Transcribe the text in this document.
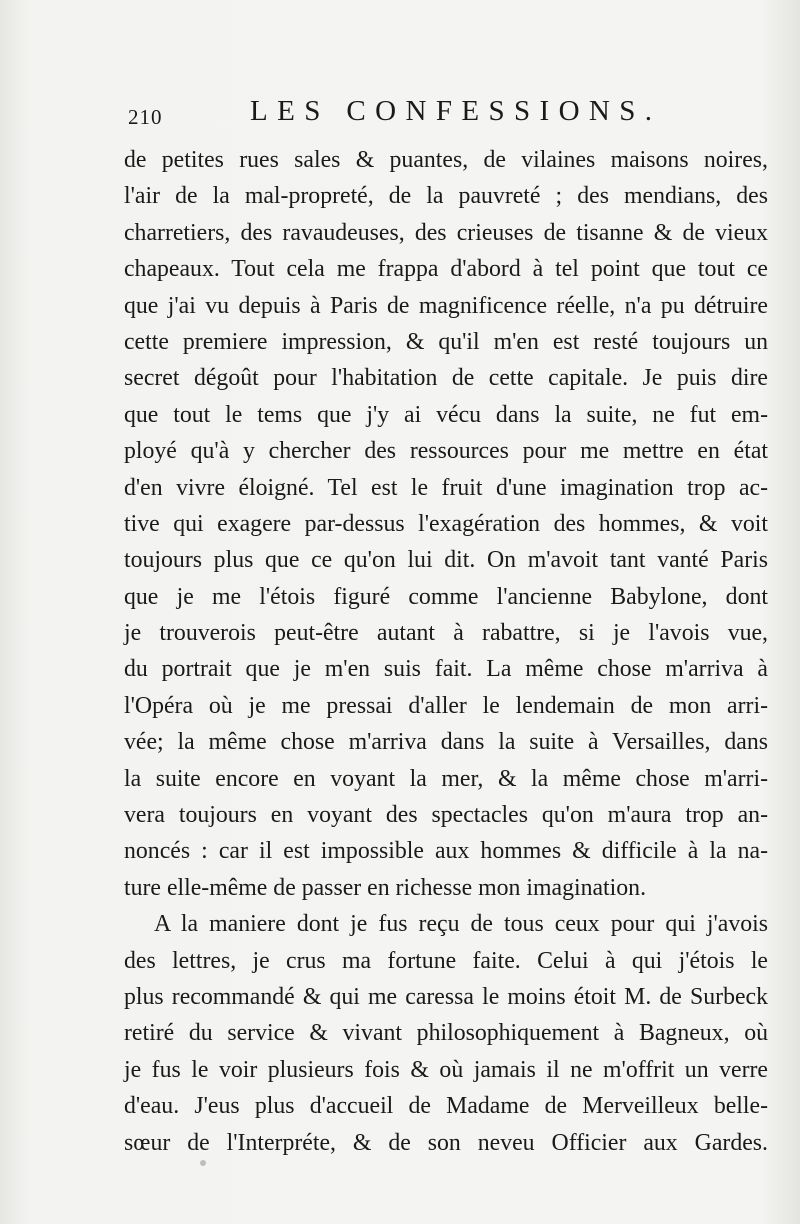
210	LES CONFESSIONS.
de petites rues sales & puantes, de vilaines maisons noires,
l'air de la mal-propreté, de la pauvreté ; des mendians, des
charretiers, des ravaudeuses, des crieuses de tisanne & de vieux
chapeaux. Tout cela me frappa d'abord à tel point que tout ce
que j'ai vu depuis à Paris de magnificence réelle, n'a pu détruire
cette premiere impression, & qu'il m'en est resté toujours un
secret dégoût pour l'habitation de cette capitale. Je puis dire
que tout le tems que j'y ai vécu dans la suite, ne fut em-
ployé qu'à y chercher des ressources pour me mettre en état
d'en vivre éloigné. Tel est le fruit d'une imagination trop ac-
tive qui exagere par-dessus l'exagération des hommes, & voit
toujours plus que ce qu'on lui dit. On m'avoit tant vanté Paris
que je me l'étois figuré comme l'ancienne Babylone, dont
je trouverois peut-être autant à rabattre, si je l'avois vue,
du portrait que je m'en suis fait. La même chose m'arriva à
l'Opéra où je me pressai d'aller le lendemain de mon arri-
vée; la même chose m'arriva dans la suite à Versailles, dans
la suite encore en voyant la mer, & la même chose m'arri-
vera toujours en voyant des spectacles qu'on m'aura trop an-
noncés : car il est impossible aux hommes & difficile à la na-
ture elle-même de passer en richesse mon imagination.
A la maniere dont je fus reçu de tous ceux pour qui j'avois
des lettres, je crus ma fortune faite. Celui à qui j'étois le
plus recommandé & qui me caressa le moins étoit M. de Surbeck
retiré du service & vivant philosophiquement à Bagneux, où
je fus le voir plusieurs fois & où jamais il ne m'offrit un verre
d'eau. J'eus plus d'accueil de Madame de Merveilleux belle-
sœur de l'Interpréte, & de son neveu Officier aux Gardes.
